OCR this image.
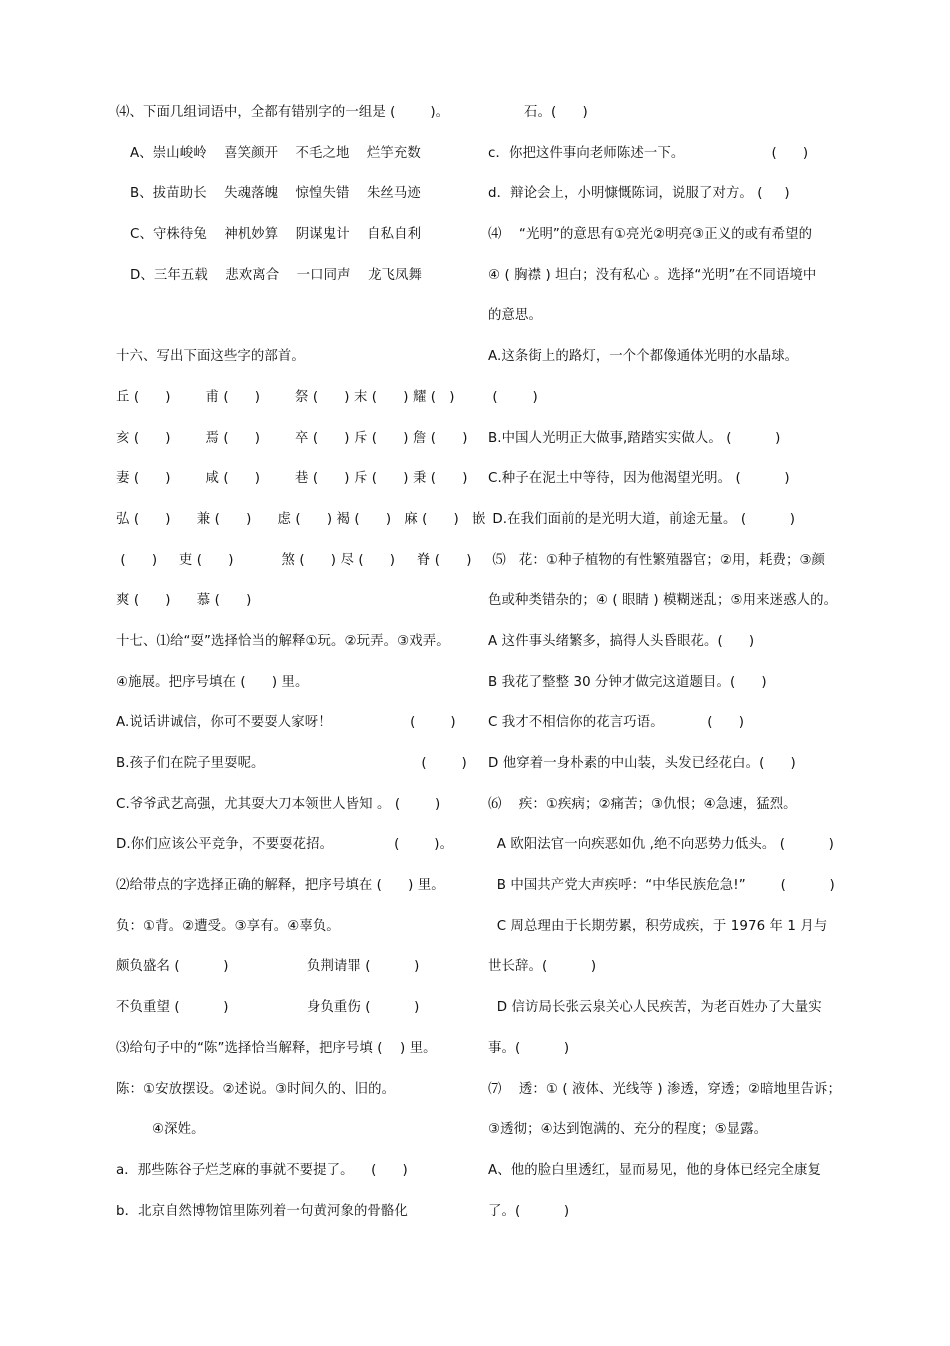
⑷、下面几组词语中，全都有错别字的一组是 (        )。
A、崇山峻岭    喜笑颜开    不毛之地    烂竽充数
B、拔苗助长    失魂落魄    惊惶失错    朱丝马迹
C、守株待兔    神机妙算    阴谋鬼计    自私自利
D、三年五载    悲欢离合    一口同声    龙飞凤舞
十六、写出下面这些字的部首。
丘 (      )        甫 (      )        祭 (      ) 末 (      ) 耀 (   )
亥 (      )        焉 (      )        卒 (      ) 斥 (      ) 詹 (      )
妻 (      )        咸 (      )        巷 (      ) 斥 (      ) 秉 (      )
弘 (      )      兼 (      )      虑 (      ) 褐 (      )   麻 (      )   嵌
(      )     吏 (      )           煞 (      ) 尽 (      )     脊 (      )
爽 (      )      慕 (      )
十七、⑴给“耍”选择恰当的解释①玩。②玩弄。③戏弄。
④施展。把序号填在 (      ) 里。
A.说话讲诚信，你可不要耍人家呀！                  (        )
B.孩子们在院子里耍呢。                                    (        )
C.爷爷武艺高强，尤其耍大刀本领世人皆知 。 (        )
D.你们应该公平竞争，不要耍花招。              (        )。
⑵给带点的字选择正确的解释，把序号填在 (      ) 里。
负：①背。②遭受。③享有。④辜负。
颇负盛名 (          )                  负荆请罪 (          )
不负重望 (          )                  身负重伤 (          )
⑶给句子中的“陈”选择恰当解释，把序号填 (    ) 里。
陈：①安放摆设。②述说。③时间久的、旧的。
④深姓。
a．那些陈谷子烂芝麻的事就不要提了。    (      )
b．北京自然博物馆里陈列着一句黄河象的骨骼化
石。(      )
c．你把这件事向老师陈述一下。                    (      )
d．辩论会上，小明慷慨陈词，说服了对方。 (     )
⑷    “光明”的意思有①亮光②明亮③正义的或有希望的
④ ( 胸襟 ) 坦白；没有私心 。选择“光明”在不同语境中
的意思。
A.这条街上的路灯，一个个都像通体光明的水晶球。
(        )
B.中国人光明正大做事,踏踏实实做人。 (          )
C.种子在泥土中等待，因为他渴望光明。 (          )
D.在我们面前的是光明大道，前途无量。 (          )
⑸   花：①种子植物的有性繁殖器官；②用，耗费；③颜
色或种类错杂的；④ ( 眼睛 ) 模糊迷乱；⑤用来迷惑人的。
A 这件事头绪繁多，搞得人头昏眼花。(      )
B 我花了整整 30 分钟才做完这道题目。(      )
C 我才不相信你的花言巧语。          (      )
D 他穿着一身朴素的中山装，头发已经花白。(      )
⑹    疾：①疾病；②痛苦；③仇恨；④急速，猛烈。
A 欧阳法官一向疾恶如仇 ,绝不向恶势力低头。 (          )
B 中国共产党大声疾呼：“中华民族危急!”        (          )
C 周总理由于长期劳累，积劳成疾，于 1976 年 1 月与
世长辞。(          )
D 信访局长张云泉关心人民疾苦，为老百姓办了大量实
事。(          )
⑺    透：① ( 液体、光线等 ) 渗透，穿透；②暗地里告诉；
③透彻；④达到饱满的、充分的程度；⑤显露。
A、他的脸白里透红，显而易见，他的身体已经完全康复
了。(          )
